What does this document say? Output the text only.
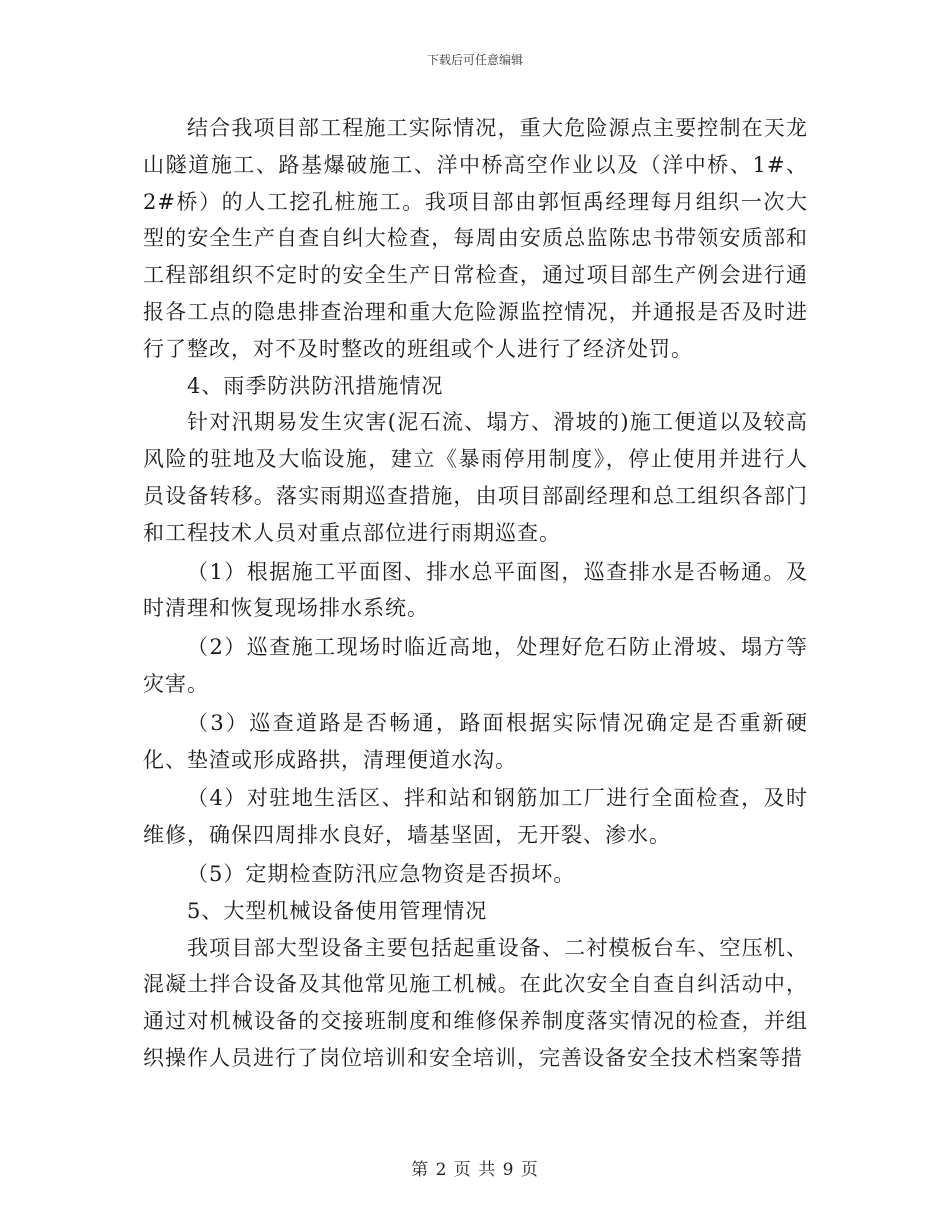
下载后可任意编辑

结合我项目部工程施工实际情况，重大危险源点主要控制在天龙山隧道施工、路基爆破施工、洋中桥高空作业以及（洋中桥、1#、2#桥）的人工挖孔桩施工。我项目部由郭恒禹经理每月组织一次大型的安全生产自查自纠大检查，每周由安质总监陈忠书带领安质部和工程部组织不定时的安全生产日常检查，通过项目部生产例会进行通报各工点的隐患排查治理和重大危险源监控情况，并通报是否及时进行了整改，对不及时整改的班组或个人进行了经济处罚。

4、雨季防洪防汛措施情况

针对汛期易发生灾害(泥石流、塌方、滑坡的)施工便道以及较高风险的驻地及大临设施，建立《暴雨停用制度》，停止使用并进行人员设备转移。落实雨期巡查措施，由项目部副经理和总工组织各部门和工程技术人员对重点部位进行雨期巡查。

（1）根据施工平面图、排水总平面图，巡查排水是否畅通。及时清理和恢复现场排水系统。

（2）巡查施工现场时临近高地，处理好危石防止滑坡、塌方等灾害。

（3）巡查道路是否畅通，路面根据实际情况确定是否重新硬化、垫渣或形成路拱，清理便道水沟。

（4）对驻地生活区、拌和站和钢筋加工厂进行全面检查，及时维修，确保四周排水良好，墙基坚固，无开裂、渗水。

（5）定期检查防汛应急物资是否损坏。

5、大型机械设备使用管理情况

我项目部大型设备主要包括起重设备、二衬模板台车、空压机、混凝土拌合设备及其他常见施工机械。在此次安全自查自纠活动中，通过对机械设备的交接班制度和维修保养制度落实情况的检查，并组织操作人员进行了岗位培训和安全培训，完善设备安全技术档案等措

第 2 页 共 9 页
